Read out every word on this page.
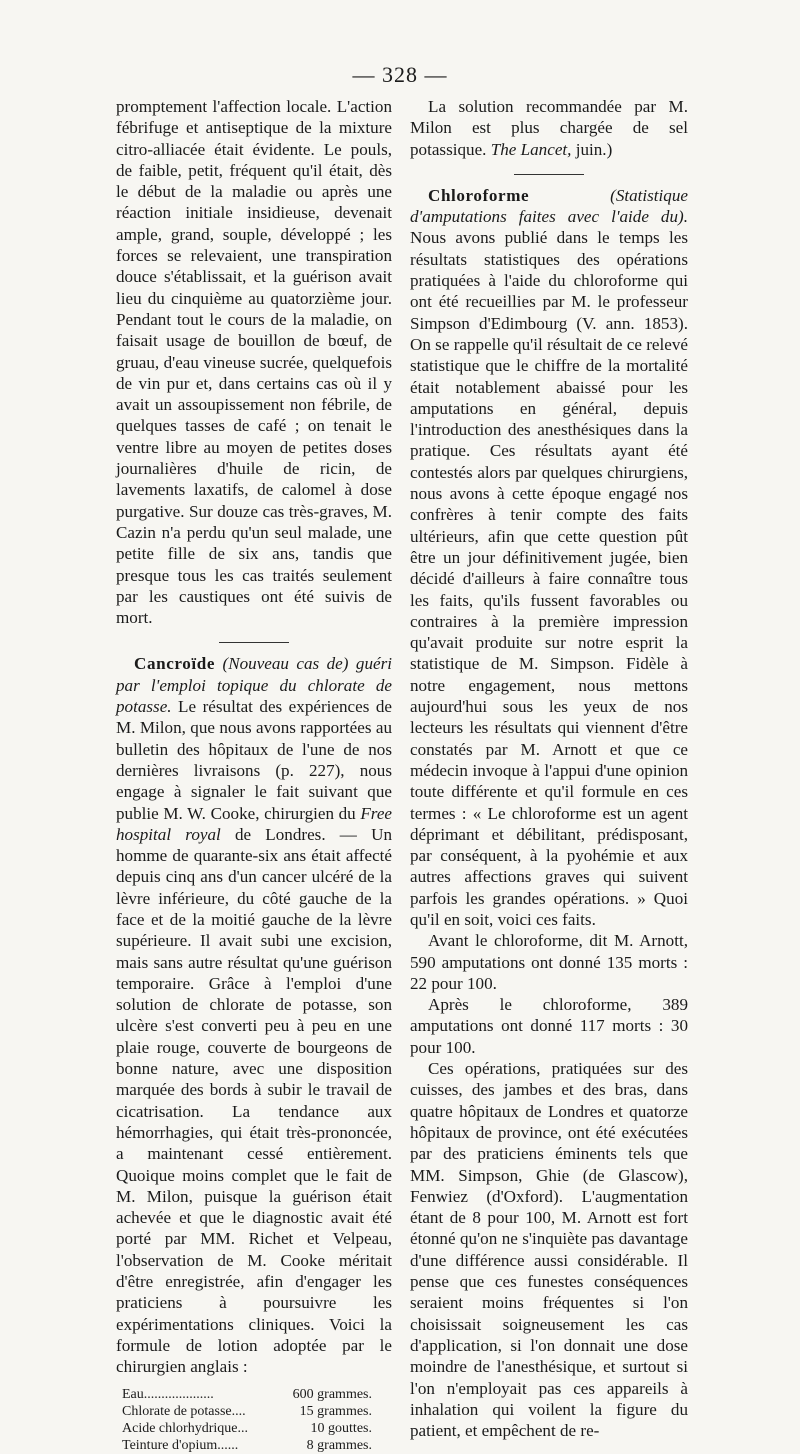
— 328 —

promptement l'affection locale. L'action fébrifuge et antiseptique de la mixture citro-alliacée était évidente. Le pouls, de faible, petit, fréquent qu'il était, dès le début de la maladie ou après une réaction initiale insidieuse, devenait ample, grand, souple, développé ; les forces se relevaient, une transpiration douce s'établissait, et la guérison avait lieu du cinquième au quatorzième jour. Pendant tout le cours de la maladie, on faisait usage de bouillon de bœuf, de gruau, d'eau vineuse sucrée, quelquefois de vin pur et, dans certains cas où il y avait un assoupissement non fébrile, de quelques tasses de café ; on tenait le ventre libre au moyen de petites doses journalières d'huile de ricin, de lavements laxatifs, de calomel à dose purgative. Sur douze cas très-graves, M. Cazin n'a perdu qu'un seul malade, une petite fille de six ans, tandis que presque tous les cas traités seulement par les caustiques ont été suivis de mort.

Cancroïde (Nouveau cas de) guéri par l'emploi topique du chlorate de potasse. Le résultat des expériences de M. Milon, que nous avons rapportées au bulletin des hôpitaux de l'une de nos dernières livraisons (p. 227), nous engage à signaler le fait suivant que publie M. W. Cooke, chirurgien du Free hospital royal de Londres. — Un homme de quarante-six ans était affecté depuis cinq ans d'un cancer ulcéré de la lèvre inférieure, du côté gauche de la face et de la moitié gauche de la lèvre supérieure. Il avait subi une excision, mais sans autre résultat qu'une guérison temporaire. Grâce à l'emploi d'une solution de chlorate de potasse, son ulcère s'est converti peu à peu en une plaie rouge, couverte de bourgeons de bonne nature, avec une disposition marquée des bords à subir le travail de cicatrisation. La tendance aux hémorrhagies, qui était très-prononcée, a maintenant cessé entièrement. Quoique moins complet que le fait de M. Milon, puisque la guérison était achevée et que le diagnostic avait été porté par MM. Richet et Velpeau, l'observation de M. Cooke méritait d'être enregistrée, afin d'engager les praticiens à poursuivre les expérimentations cliniques. Voici la formule de lotion adoptée par le chirurgien anglais :

Eau....................	600 grammes.
Chlorate de potasse....	15 grammes.
Acide chlorhydrique...	10 gouttes.
Teinture d'opium......	8 grammes.

La solution recommandée par M. Milon est plus chargée de sel potassique. The Lancet, juin.)

Chloroforme	(Statistique d'amputations faites avec l'aide du). Nous avons publié dans le temps les résultats statistiques des opérations pratiquées à l'aide du chloroforme qui ont été recueillies par M. le professeur Simpson d'Edimbourg (V. ann. 1853). On se rappelle qu'il résultait de ce relevé statistique que le chiffre de la mortalité était notablement abaissé pour les amputations en général, depuis l'introduction des anesthésiques dans la pratique. Ces résultats ayant été contestés alors par quelques chirurgiens, nous avons à cette époque engagé nos confrères à tenir compte des faits ultérieurs, afin que cette question pût être un jour définitivement jugée, bien décidé d'ailleurs à faire connaître tous les faits, qu'ils fussent favorables ou contraires à la première impression qu'avait produite sur notre esprit la statistique de M. Simpson. Fidèle à notre engagement, nous mettons aujourd'hui sous les yeux de nos lecteurs les résultats qui viennent d'être constatés par M. Arnott et que ce médecin invoque à l'appui d'une opinion toute différente et qu'il formule en ces termes : « Le chloroforme est un agent déprimant et débilitant, prédisposant, par conséquent, à la pyohémie et aux autres affections graves qui suivent parfois les grandes opérations. » Quoi qu'il en soit, voici ces faits.

Avant le chloroforme, dit M. Arnott, 590 amputations ont donné 135 morts : 22 pour 100.

Après le chloroforme, 389 amputations ont donné 117 morts : 30 pour 100.

Ces opérations, pratiquées sur des cuisses, des jambes et des bras, dans quatre hôpitaux de Londres et quatorze hôpitaux de province, ont été exécutées par des praticiens éminents tels que MM. Simpson, Ghie (de Glascow), Fenwiez (d'Oxford). L'augmentation étant de 8 pour 100, M. Arnott est fort étonné qu'on ne s'inquiète pas davantage d'une différence aussi considérable. Il pense que ces funestes conséquences seraient moins fréquentes si l'on choisissait soigneusement les cas d'application, si l'on donnait une dose moindre de l'anesthésique, et surtout si l'on n'employait pas ces appareils à inhalation qui voilent la figure du patient, et empêchent de re-
